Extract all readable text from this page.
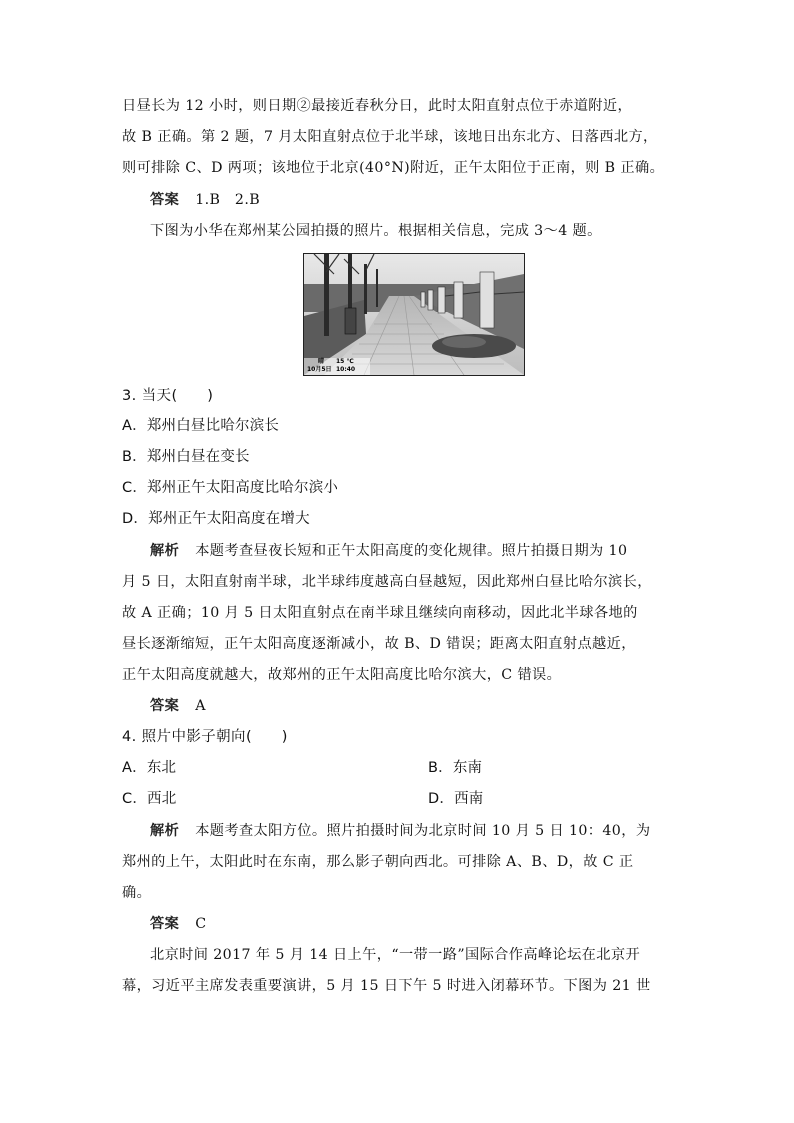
日昼长为 12 小时，则日期②最接近春秋分日，此时太阳直射点位于赤道附近，
故 B 正确。第 2 题，7 月太阳直射点位于北半球，该地日出东北方、日落西北方，
则可排除 C、D 两项；该地位于北京(40°N)附近，正午太阳位于正南，则 B 正确。
答案 1.B　2.B
下图为小华在郑州某公园拍摄的照片。根据相关信息，完成 3～4 题。
晴 15 ℃
10月5日 10:40
3. 当天(　　)
A．郑州白昼比哈尔滨长
B．郑州白昼在变长
C．郑州正午太阳高度比哈尔滨小
D．郑州正午太阳高度在增大
解析 本题考查昼夜长短和正午太阳高度的变化规律。照片拍摄日期为 10
月 5 日，太阳直射南半球，北半球纬度越高白昼越短，因此郑州白昼比哈尔滨长，
故 A 正确；10 月 5 日太阳直射点在南半球且继续向南移动，因此北半球各地的
昼长逐渐缩短，正午太阳高度逐渐减小，故 B、D 错误；距离太阳直射点越近，
正午太阳高度就越大，故郑州的正午太阳高度比哈尔滨大，C 错误。
答案 A
4. 照片中影子朝向(　　)
A．东北	B．东南
C．西北	D．西南
解析 本题考查太阳方位。照片拍摄时间为北京时间 10 月 5 日 10：40，为
郑州的上午，太阳此时在东南，那么影子朝向西北。可排除 A、B、D，故 C 正
确。
答案 C
北京时间 2017 年 5 月 14 日上午，“一带一路”国际合作高峰论坛在北京开
幕，习近平主席发表重要演讲，5 月 15 日下午 5 时进入闭幕环节。下图为 21 世
